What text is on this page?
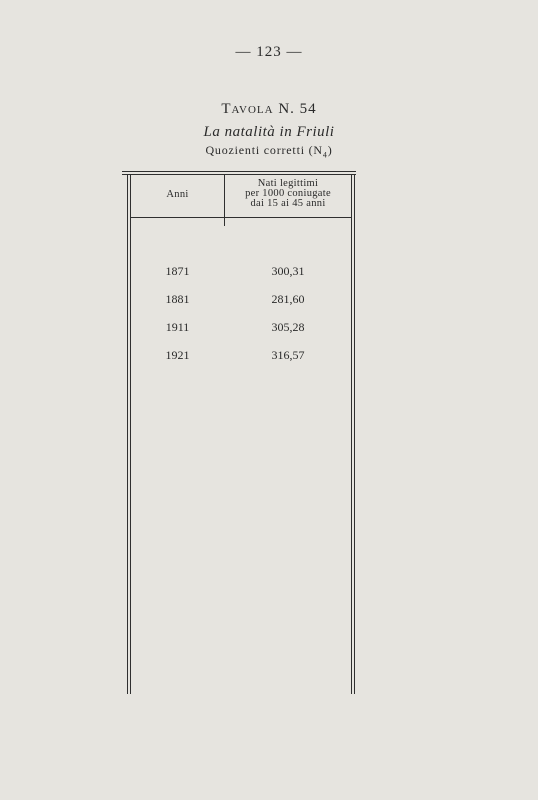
— 123 —
Tavola N. 54
La natalità in Friuli
Quozienti corretti $(N_4)$
Anni
Nati legittimi
per 1000 coniugate
dai 15 ai 45 anni
1871	300,31
1881	281,60
1911	305,28
1921	316,57
